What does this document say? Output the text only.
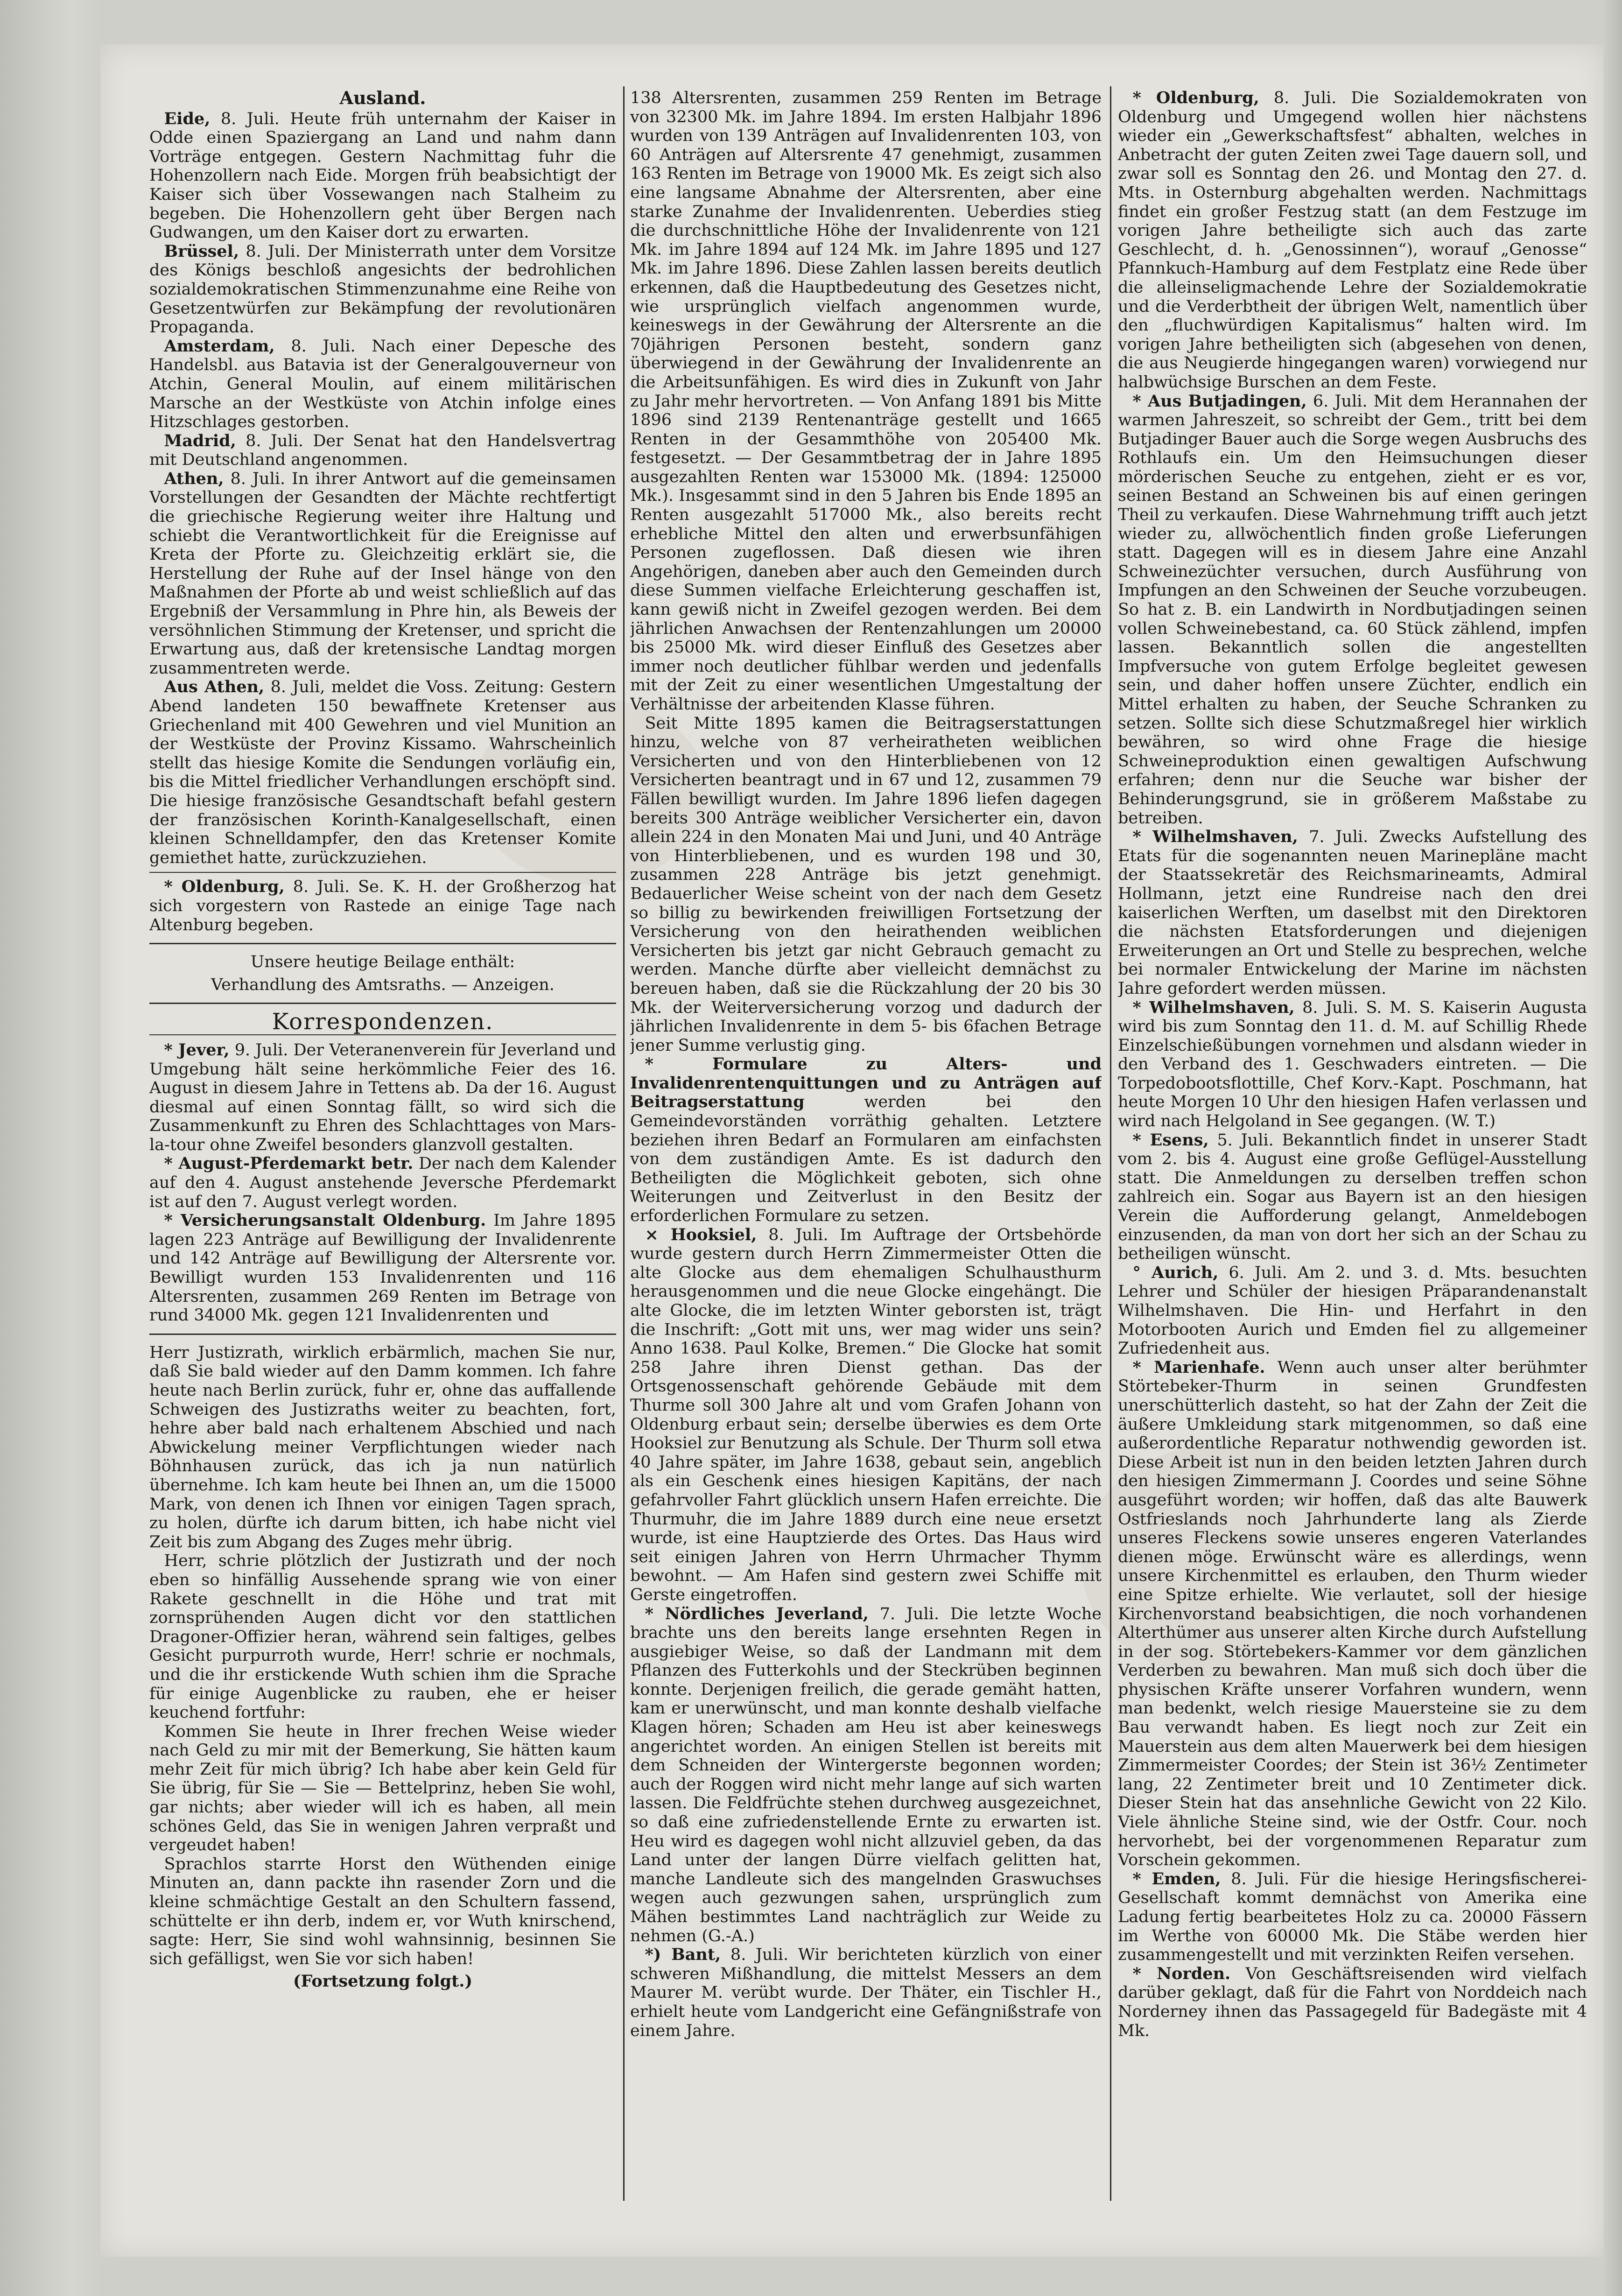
Ausland.

Eide, 8. Juli. Heute früh unternahm der Kaiser in Odde einen Spaziergang an Land und nahm dann Vorträge entgegen. Gestern Nachmittag fuhr die Hohenzollern nach Eide. Morgen früh beabsichtigt der Kaiser sich über Vossewangen nach Stalheim zu begeben. Die Hohenzollern geht über Bergen nach Gudwangen, um den Kaiser dort zu erwarten.

Brüssel, 8. Juli. Der Ministerrath unter dem Vorsitze des Königs beschloß angesichts der bedrohlichen sozialdemokratischen Stimmenzunahme eine Reihe von Gesetzentwürfen zur Bekämpfung der revolutionären Propaganda.

Amsterdam, 8. Juli. Nach einer Depesche des Handelsbl. aus Batavia ist der Generalgouverneur von Atchin, General Moulin, auf einem militärischen Marsche an der Westküste von Atchin infolge eines Hitzschlages gestorben.

Madrid, 8. Juli. Der Senat hat den Handelsvertrag mit Deutschland angenommen.

Athen, 8. Juli. In ihrer Antwort auf die gemeinsamen Vorstellungen der Gesandten der Mächte rechtfertigt die griechische Regierung weiter ihre Haltung und schiebt die Verantwortlichkeit für die Ereignisse auf Kreta der Pforte zu. Gleichzeitig erklärt sie, die Herstellung der Ruhe auf der Insel hänge von den Maßnahmen der Pforte ab und weist schließlich auf das Ergebniß der Versammlung in Phre hin, als Beweis der versöhnlichen Stimmung der Kretenser, und spricht die Erwartung aus, daß der kretensische Landtag morgen zusammentreten werde.

Aus Athen, 8. Juli, meldet die Voss. Zeitung: Gestern Abend landeten 150 bewaffnete Kretenser aus Griechenland mit 400 Gewehren und viel Munition an der Westküste der Provinz Kissamo. Wahrscheinlich stellt das hiesige Komite die Sendungen vorläufig ein, bis die Mittel friedlicher Verhandlungen erschöpft sind. Die hiesige französische Gesandtschaft befahl gestern der französischen Korinth-Kanalgesellschaft, einen kleinen Schnelldampfer, den das Kretenser Komite gemiethet hatte, zurückzuziehen.

* Oldenburg, 8. Juli. Se. K. H. der Großherzog hat sich vorgestern von Rastede an einige Tage nach Altenburg begeben.

Unsere heutige Beilage enthält:
Verhandlung des Amtsraths. — Anzeigen.
Korrespondenzen.

* Jever, 9. Juli. Der Veteranenverein für Jeverland und Umgebung hält seine herkömmliche Feier des 16. August in diesem Jahre in Tettens ab. Da der 16. August diesmal auf einen Sonntag fällt, so wird sich die Zusammenkunft zu Ehren des Schlachttages von Mars-la-tour ohne Zweifel besonders glanzvoll gestalten.

* August-Pferdemarkt betr. Der nach dem Kalender auf den 4. August anstehende Jeversche Pferdemarkt ist auf den 7. August verlegt worden.

* Versicherungsanstalt Oldenburg. Im Jahre 1895 lagen 223 Anträge auf Bewilligung der Invalidenrente und 142 Anträge auf Bewilligung der Altersrente vor. Bewilligt wurden 153 Invalidenrenten und 116 Altersrenten, zusammen 269 Renten im Betrage von rund 34000 Mk. gegen 121 Invalidenrenten und

Herr Justizrath, wirklich erbärmlich, machen Sie nur, daß Sie bald wieder auf den Damm kommen. Ich fahre heute nach Berlin zurück, fuhr er, ohne das auffallende Schweigen des Justizraths weiter zu beachten, fort, hehre aber bald nach erhaltenem Abschied und nach Abwickelung meiner Verpflichtungen wieder nach Böhnhausen zurück, das ich ja nun natürlich übernehme. Ich kam heute bei Ihnen an, um die 15000 Mark, von denen ich Ihnen vor einigen Tagen sprach, zu holen, dürfte ich darum bitten, ich habe nicht viel Zeit bis zum Abgang des Zuges mehr übrig.

Herr, schrie plötzlich der Justizrath und der noch eben so hinfällig Aussehende sprang wie von einer Rakete geschnellt in die Höhe und trat mit zornsprühenden Augen dicht vor den stattlichen Dragoner-Offizier heran, während sein faltiges, gelbes Gesicht purpurroth wurde, Herr! schrie er nochmals, und die ihr erstickende Wuth schien ihm die Sprache für einige Augenblicke zu rauben, ehe er heiser keuchend fortfuhr:

Kommen Sie heute in Ihrer frechen Weise wieder nach Geld zu mir mit der Bemerkung, Sie hätten kaum mehr Zeit für mich übrig? Ich habe aber kein Geld für Sie übrig, für Sie — Sie — Bettelprinz, heben Sie wohl, gar nichts; aber wieder will ich es haben, all mein schönes Geld, das Sie in wenigen Jahren verpraßt und vergeudet haben!

Sprachlos starrte Horst den Wüthenden einige Minuten an, dann packte ihn rasender Zorn und die kleine schmächtige Gestalt an den Schultern fassend, schüttelte er ihn derb, indem er, vor Wuth knirschend, sagte: Herr, Sie sind wohl wahnsinnig, besinnen Sie sich gefälligst, wen Sie vor sich haben!

(Fortsetzung folgt.)

138 Altersrenten, zusammen 259 Renten im Betrage von 32300 Mk. im Jahre 1894. Im ersten Halbjahr 1896 wurden von 139 Anträgen auf Invalidenrenten 103, von 60 Anträgen auf Altersrente 47 genehmigt, zusammen 163 Renten im Betrage von 19000 Mk. Es zeigt sich also eine langsame Abnahme der Altersrenten, aber eine starke Zunahme der Invalidenrenten. Ueberdies stieg die durchschnittliche Höhe der Invalidenrente von 121 Mk. im Jahre 1894 auf 124 Mk. im Jahre 1895 und 127 Mk. im Jahre 1896. Diese Zahlen lassen bereits deutlich erkennen, daß die Hauptbedeutung des Gesetzes nicht, wie ursprünglich vielfach angenommen wurde, keineswegs in der Gewährung der Altersrente an die 70jährigen Personen besteht, sondern ganz überwiegend in der Gewährung der Invalidenrente an die Arbeitsunfähigen. Es wird dies in Zukunft von Jahr zu Jahr mehr hervortreten. — Von Anfang 1891 bis Mitte 1896 sind 2139 Rentenanträge gestellt und 1665 Renten in der Gesammthöhe von 205400 Mk. festgesetzt. — Der Gesammtbetrag der in Jahre 1895 ausgezahlten Renten war 153000 Mk. (1894: 125000 Mk.). Insgesammt sind in den 5 Jahren bis Ende 1895 an Renten ausgezahlt 517000 Mk., also bereits recht erhebliche Mittel den alten und erwerbsunfähigen Personen zugeflossen. Daß diesen wie ihren Angehörigen, daneben aber auch den Gemeinden durch diese Summen vielfache Erleichterung geschaffen ist, kann gewiß nicht in Zweifel gezogen werden. Bei dem jährlichen Anwachsen der Rentenzahlungen um 20000 bis 25000 Mk. wird dieser Einfluß des Gesetzes aber immer noch deutlicher fühlbar werden und jedenfalls mit der Zeit zu einer wesentlichen Umgestaltung der Verhältnisse der arbeitenden Klasse führen.

Seit Mitte 1895 kamen die Beitragserstattungen hinzu, welche von 87 verheiratheten weiblichen Versicherten und von den Hinterbliebenen von 12 Versicherten beantragt und in 67 und 12, zusammen 79 Fällen bewilligt wurden. Im Jahre 1896 liefen dagegen bereits 300 Anträge weiblicher Versicherter ein, davon allein 224 in den Monaten Mai und Juni, und 40 Anträge von Hinterbliebenen, und es wurden 198 und 30, zusammen 228 Anträge bis jetzt genehmigt. Bedauerlicher Weise scheint von der nach dem Gesetz so billig zu bewirkenden freiwilligen Fortsetzung der Versicherung von den heirathenden weiblichen Versicherten bis jetzt gar nicht Gebrauch gemacht zu werden. Manche dürfte aber vielleicht demnächst zu bereuen haben, daß sie die Rückzahlung der 20 bis 30 Mk. der Weiterversicherung vorzog und dadurch der jährlichen Invalidenrente in dem 5- bis 6fachen Betrage jener Summe verlustig ging.

* Formulare zu Alters- und Invalidenrentenquittungen und zu Anträgen auf Beitragserstattung	werden bei den Gemeindevorständen vorräthig gehalten. Letztere beziehen ihren Bedarf an Formularen am einfachsten von dem zuständigen Amte. Es ist dadurch den Betheiligten die Möglichkeit geboten, sich ohne Weiterungen und Zeitverlust in den Besitz der erforderlichen Formulare zu setzen.

× Hooksiel, 8. Juli. Im Auftrage der Ortsbehörde wurde gestern durch Herrn Zimmermeister Otten die alte Glocke aus dem ehemaligen Schulhausthurm herausgenommen und die neue Glocke eingehängt. Die alte Glocke, die im letzten Winter geborsten ist, trägt die Inschrift: „Gott mit uns, wer mag wider uns sein? Anno 1638. Paul Kolke, Bremen.“ Die Glocke hat somit 258 Jahre ihren Dienst gethan. Das der Ortsgenossenschaft gehörende Gebäude mit dem Thurme soll 300 Jahre alt und vom Grafen Johann von Oldenburg erbaut sein; derselbe überwies es dem Orte Hooksiel zur Benutzung als Schule. Der Thurm soll etwa 40 Jahre später, im Jahre 1638, gebaut sein, angeblich als ein Geschenk eines hiesigen Kapitäns, der nach gefahrvoller Fahrt glücklich unsern Hafen erreichte. Die Thurmuhr, die im Jahre 1889 durch eine neue ersetzt wurde, ist eine Hauptzierde des Ortes. Das Haus wird seit einigen Jahren von Herrn Uhrmacher Thymm bewohnt. — Am Hafen sind gestern zwei Schiffe mit Gerste eingetroffen.

* Nördliches Jeverland, 7. Juli. Die letzte Woche brachte uns den bereits lange ersehnten Regen in ausgiebiger Weise, so daß der Landmann mit dem Pflanzen des Futterkohls und der Steckrüben beginnen konnte. Derjenigen freilich, die gerade gemäht hatten, kam er unerwünscht, und man konnte deshalb vielfache Klagen hören; Schaden am Heu ist aber keineswegs angerichtet worden. An einigen Stellen ist bereits mit dem Schneiden der Wintergerste begonnen worden; auch der Roggen wird nicht mehr lange auf sich warten lassen. Die Feldfrüchte stehen durchweg ausgezeichnet, so daß eine zufriedenstellende Ernte zu erwarten ist. Heu wird es dagegen wohl nicht allzuviel geben, da das Land unter der langen Dürre vielfach gelitten hat, manche Landleute sich des mangelnden Graswuchses wegen auch gezwungen sahen, ursprünglich zum Mähen bestimmtes Land nachträglich zur Weide zu nehmen (G.-A.)

*) Bant, 8. Juli. Wir berichteten kürzlich von einer schweren Mißhandlung, die mittelst Messers an dem Maurer M. verübt wurde. Der Thäter, ein Tischler H., erhielt heute vom Landgericht eine Gefängnißstrafe von einem Jahre.

* Oldenburg, 8. Juli. Die Sozialdemokraten von Oldenburg und Umgegend wollen hier nächstens wieder ein „Gewerkschaftsfest“ abhalten, welches in Anbetracht der guten Zeiten zwei Tage dauern soll, und zwar soll es Sonntag den 26. und Montag den 27. d. Mts. in Osternburg abgehalten werden. Nachmittags findet ein großer Festzug statt (an dem Festzuge im vorigen Jahre betheiligte sich auch das zarte Geschlecht, d. h. „Genossinnen“), worauf „Genosse“ Pfannkuch-Hamburg auf dem Festplatz eine Rede über die alleinseligmachende Lehre der Sozialdemokratie und die Verderbtheit der übrigen Welt, namentlich über den „fluchwürdigen Kapitalismus“ halten wird. Im vorigen Jahre betheiligten sich (abgesehen von denen, die aus Neugierde hingegangen waren) vorwiegend nur halbwüchsige Burschen an dem Feste.

* Aus Butjadingen, 6. Juli. Mit dem Herannahen der warmen Jahreszeit, so schreibt der Gem., tritt bei dem Butjadinger Bauer auch die Sorge wegen Ausbruchs des Rothlaufs ein. Um den Heimsuchungen dieser mörderischen Seuche zu entgehen, zieht er es vor, seinen Bestand an Schweinen bis auf einen geringen Theil zu verkaufen. Diese Wahrnehmung trifft auch jetzt wieder zu, allwöchentlich finden große Lieferungen statt. Dagegen will es in diesem Jahre eine Anzahl Schweinezüchter versuchen, durch Ausführung von Impfungen an den Schweinen der Seuche vorzubeugen. So hat z. B. ein Landwirth in Nordbutjadingen seinen vollen Schweinebestand, ca. 60 Stück zählend, impfen lassen. Bekanntlich sollen die angestellten Impfversuche von gutem Erfolge begleitet gewesen sein, und daher hoffen unsere Züchter, endlich ein Mittel erhalten zu haben, der Seuche Schranken zu setzen. Sollte sich diese Schutzmaßregel hier wirklich bewähren, so wird ohne Frage die hiesige Schweineproduktion einen gewaltigen Aufschwung erfahren; denn nur die Seuche war bisher der Behinderungsgrund, sie in größerem Maßstabe zu betreiben.

* Wilhelmshaven, 7. Juli. Zwecks Aufstellung des Etats für die sogenannten neuen Marinepläne macht der Staatssekretär des Reichsmarineamts, Admiral Hollmann, jetzt eine Rundreise nach den drei kaiserlichen Werften, um daselbst mit den Direktoren die nächsten Etatsforderungen und diejenigen Erweiterungen an Ort und Stelle zu besprechen, welche bei normaler Entwickelung der Marine im nächsten Jahre gefordert werden müssen.

* Wilhelmshaven, 8. Juli. S. M. S. Kaiserin Augusta wird bis zum Sonntag den 11. d. M. auf Schillig Rhede Einzelschießübungen vornehmen und alsdann wieder in den Verband des 1. Geschwaders eintreten. — Die Torpedobootsflottille, Chef Korv.-Kapt. Poschmann, hat heute Morgen 10 Uhr den hiesigen Hafen verlassen und wird nach Helgoland in See gegangen. (W. T.)

* Esens, 5. Juli. Bekanntlich findet in unserer Stadt vom 2. bis 4. August eine große Geflügel-Ausstellung statt. Die Anmeldungen zu derselben treffen schon zahlreich ein. Sogar aus Bayern ist an den hiesigen Verein die Aufforderung gelangt, Anmeldebogen einzusenden, da man von dort her sich an der Schau zu betheiligen wünscht.

° Aurich, 6. Juli. Am 2. und 3. d. Mts. besuchten Lehrer und Schüler der hiesigen Präparandenanstalt Wilhelmshaven. Die Hin- und Herfahrt in den Motorbooten Aurich und Emden fiel zu allgemeiner Zufriedenheit aus.

* Marienhafe. Wenn auch unser alter berühmter Störtebeker-Thurm in seinen Grundfesten unerschütterlich dasteht, so hat der Zahn der Zeit die äußere Umkleidung stark mitgenommen, so daß eine außerordentliche Reparatur nothwendig geworden ist. Diese Arbeit ist nun in den beiden letzten Jahren durch den hiesigen Zimmermann J. Coordes und seine Söhne ausgeführt worden; wir hoffen, daß das alte Bauwerk Ostfrieslands noch Jahrhunderte lang als Zierde unseres Fleckens sowie unseres engeren Vaterlandes dienen möge. Erwünscht wäre es allerdings, wenn unsere Kirchenmittel es erlauben, den Thurm wieder eine Spitze erhielte. Wie verlautet, soll der hiesige Kirchenvorstand beabsichtigen, die noch vorhandenen Alterthümer aus unserer alten Kirche durch Aufstellung in der sog. Störtebekers-Kammer vor dem gänzlichen Verderben zu bewahren. Man muß sich doch über die physischen Kräfte unserer Vorfahren wundern, wenn man bedenkt, welch riesige Mauersteine sie zu dem Bau verwandt haben. Es liegt noch zur Zeit ein Mauerstein aus dem alten Mauerwerk bei dem hiesigen Zimmermeister Coordes; der Stein ist 36½ Zentimeter lang, 22 Zentimeter breit und 10 Zentimeter dick. Dieser Stein hat das ansehnliche Gewicht von 22 Kilo. Viele ähnliche Steine sind, wie der Ostfr. Cour. noch hervorhebt, bei der vorgenommenen Reparatur zum Vorschein gekommen.

* Emden, 8. Juli. Für die hiesige Heringsfischerei-Gesellschaft kommt demnächst von Amerika eine Ladung fertig bearbeitetes Holz zu ca. 20000 Fässern im Werthe von 60000 Mk. Die Stäbe werden hier zusammengestellt und mit verzinkten Reifen versehen.

* Norden. Von Geschäftsreisenden wird vielfach darüber geklagt, daß für die Fahrt von Norddeich nach Norderney ihnen das Passagegeld für Badegäste mit 4 Mk.
